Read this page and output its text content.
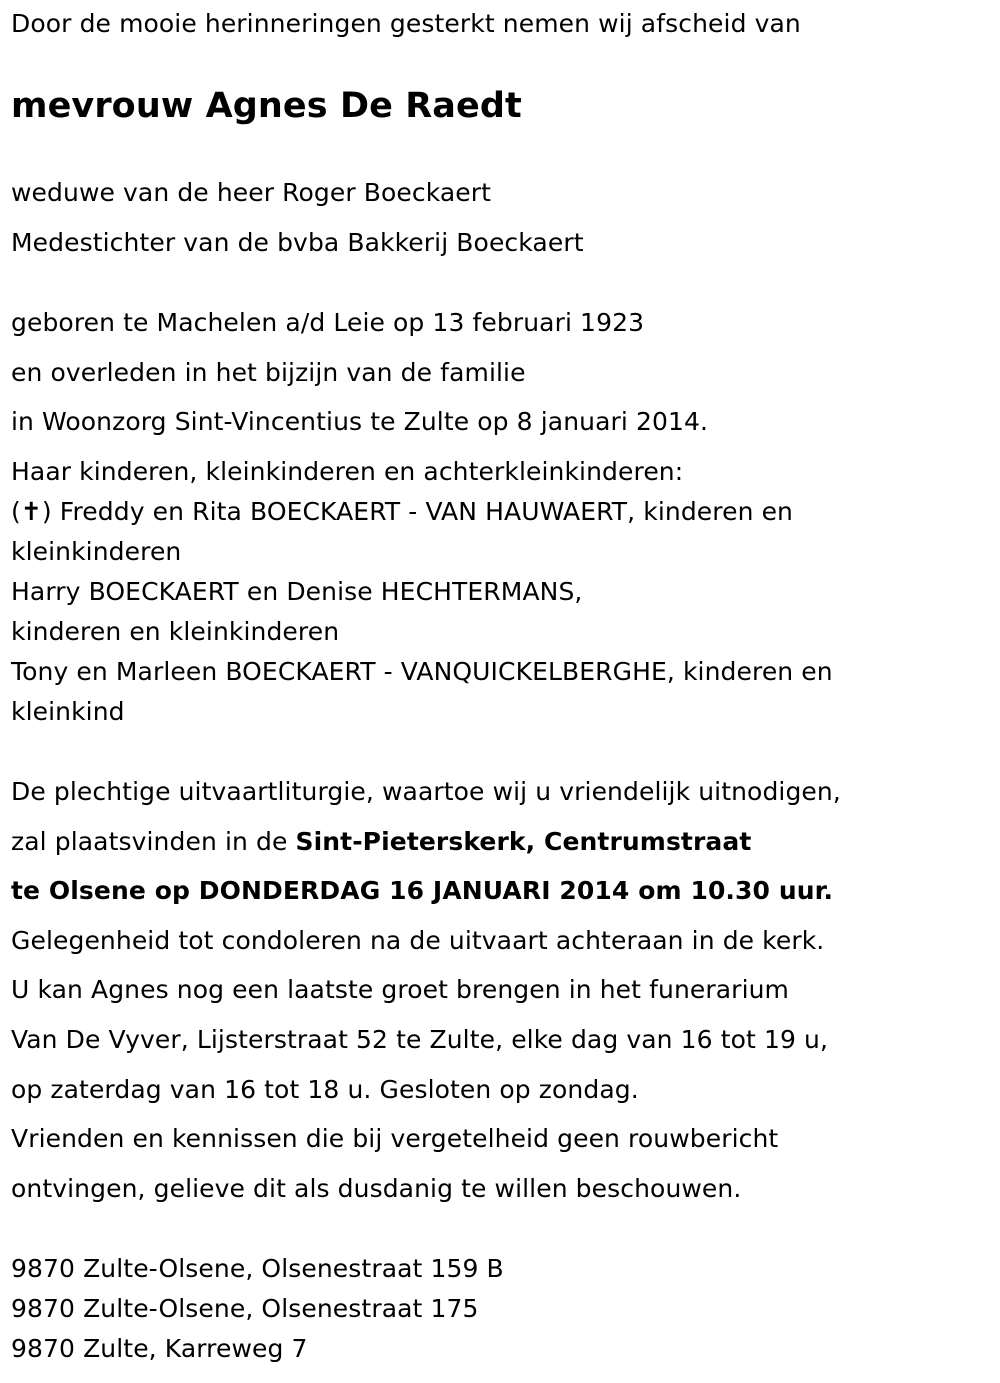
Door de mooie herinneringen gesterkt nemen wij afscheid van
mevrouw Agnes De Raedt
weduwe van de heer Roger Boeckaert
Medestichter van de bvba Bakkerij Boeckaert
geboren te Machelen a/d Leie op 13 februari 1923
en overleden in het bijzijn van de familie
in Woonzorg Sint-Vincentius te Zulte op 8 januari 2014.
Haar kinderen, kleinkinderen en achterkleinkinderen:
(✝) Freddy en Rita BOECKAERT - VAN HAUWAERT, kinderen en
kleinkinderen
Harry BOECKAERT en Denise HECHTERMANS,
kinderen en kleinkinderen
Tony en Marleen BOECKAERT - VANQUICKELBERGHE, kinderen en
kleinkind
De plechtige uitvaartliturgie, waartoe wij u vriendelijk uitnodigen,
zal plaatsvinden in de Sint-Pieterskerk, Centrumstraat
te Olsene op DONDERDAG 16 JANUARI 2014 om 10.30 uur.
Gelegenheid tot condoleren na de uitvaart achteraan in de kerk.
U kan Agnes nog een laatste groet brengen in het funerarium
Van De Vyver, Lijsterstraat 52 te Zulte, elke dag van 16 tot 19 u,
op zaterdag van 16 tot 18 u. Gesloten op zondag.
Vrienden en kennissen die bij vergetelheid geen rouwbericht
ontvingen, gelieve dit als dusdanig te willen beschouwen.
9870 Zulte-Olsene, Olsenestraat 159 B
9870 Zulte-Olsene, Olsenestraat 175
9870 Zulte, Karreweg 7
